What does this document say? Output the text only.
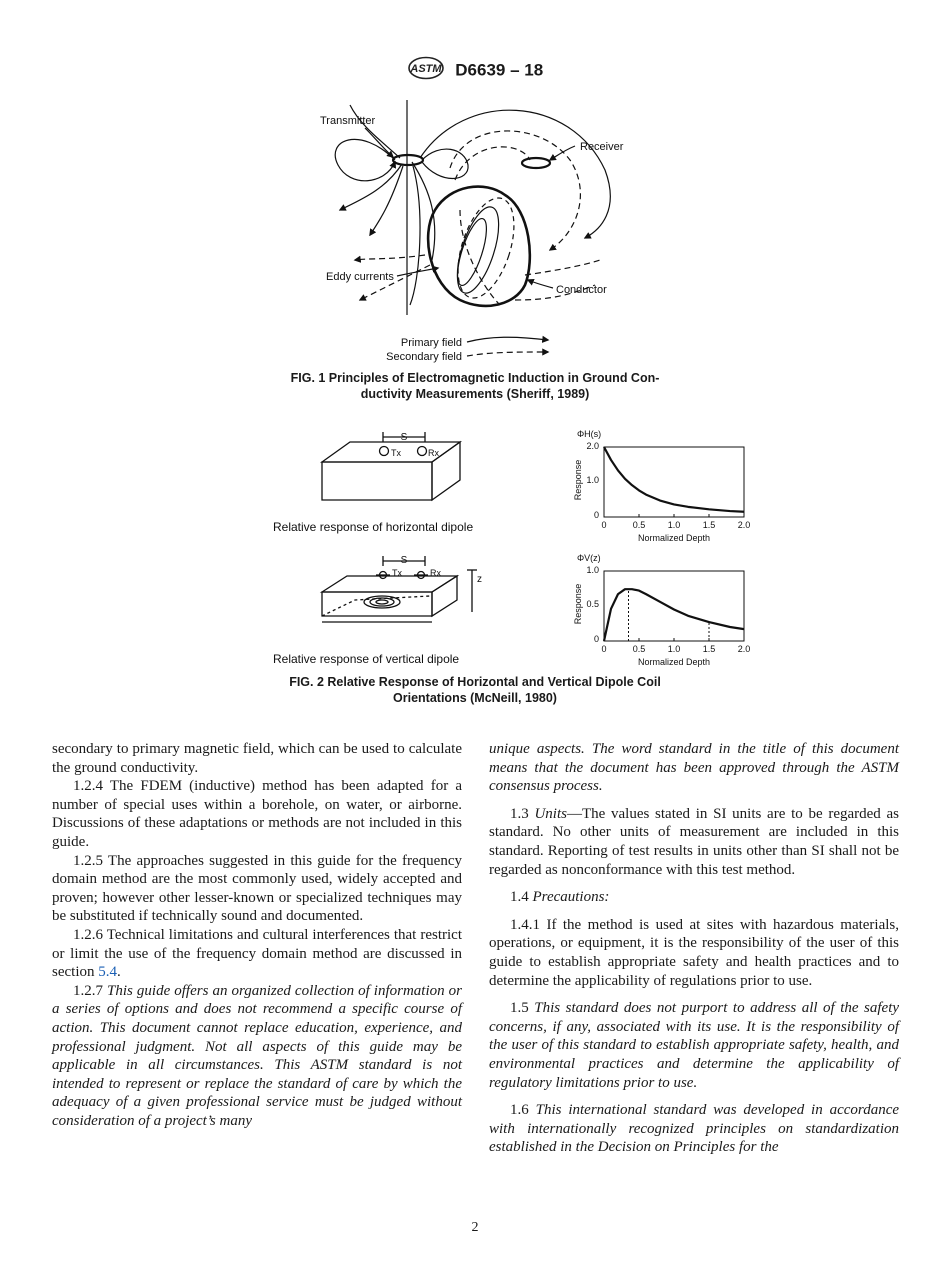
ASTM D6639 – 18
Transmitter
Receiver
Eddy currents
Conductor
Primary field
Secondary field
FIG. 1 Principles of Electromagnetic Induction in Ground Con-
ductivity Measurements (Sheriff, 1989)
S
Tx	Rx
Relative response of horizontal dipole
S
Tx	Rx
z
Relative response of vertical dipole
ΦH(s)
Response
Normalized Depth
2.0
1.0
0
0	0.5 1.0 1.5 2.0
ΦV(z)
Response
Normalized Depth
1.0
0.5
0
0	0.5 1.0 1.5 2.0
FIG. 2 Relative Response of Horizontal and Vertical Dipole Coil
Orientations (McNeill, 1980)

secondary to primary magnetic field, which can be used to calculate the ground conductivity.

1.2.4 The FDEM (inductive) method has been adapted for a number of special uses within a borehole, on water, or airborne. Discussions of these adaptations or methods are not included in this guide.

1.2.5 The approaches suggested in this guide for the frequency domain method are the most commonly used, widely accepted and proven; however other lesser-known or specialized techniques may be substituted if technically sound and documented.

1.2.6 Technical limitations and cultural interferences that restrict or limit the use of the frequency domain method are discussed in section 5.4.

1.2.7 This guide offers an organized collection of information or a series of options and does not recommend a specific course of action. This document cannot replace education, experience, and professional judgment. Not all aspects of this guide may be applicable in all circumstances. This ASTM standard is not intended to represent or replace the standard of care by which the adequacy of a given professional service must be judged without consideration of a project’s many

unique aspects. The word standard in the title of this document means that the document has been approved through the ASTM consensus process.

1.3 Units—The values stated in SI units are to be regarded as standard. No other units of measurement are included in this standard. Reporting of test results in units other than SI shall not be regarded as nonconformance with this test method.

1.4 Precautions:

1.4.1 If the method is used at sites with hazardous materials, operations, or equipment, it is the responsibility of the user of this guide to establish appropriate safety and health practices and to determine the applicability of regulations prior to use.

1.5 This standard does not purport to address all of the safety concerns, if any, associated with its use. It is the responsibility of the user of this standard to establish appropriate safety, health, and environmental practices and determine the applicability of regulatory limitations prior to use.

1.6 This international standard was developed in accordance with internationally recognized principles on standardization established in the Decision on Principles for the

2
